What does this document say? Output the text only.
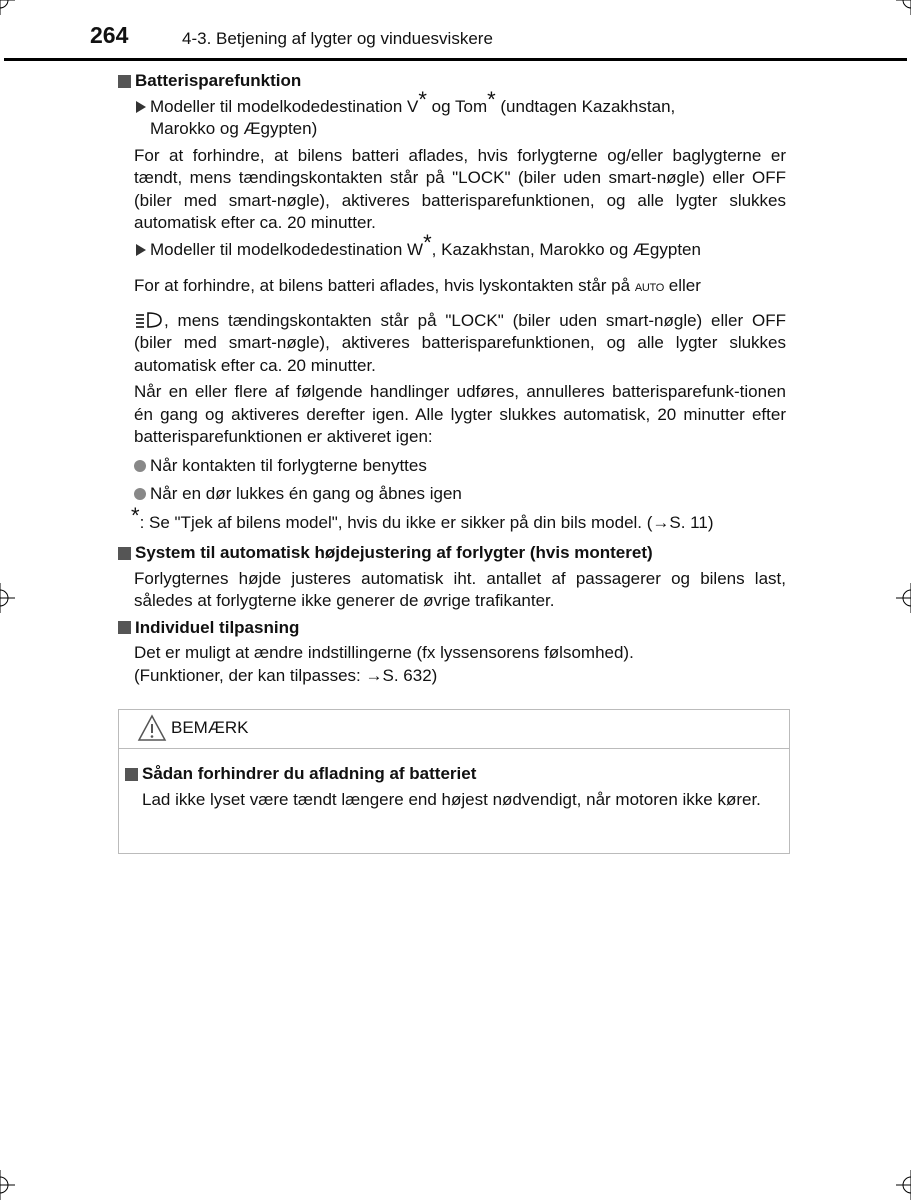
264	4-3. Betjening af lygter og vinduesviskere
Batterisparefunktion
Modeller til modelkodedestination V* og Tom* (undtagen Kazakhstan,
Marokko og Ægypten)
For at forhindre, at bilens batteri aflades, hvis forlygterne og/eller baglygterne er tændt, mens tændingskontakten står på "LOCK" (biler uden smart-nøgle) eller OFF (biler med smart-nøgle), aktiveres batterisparefunktionen, og alle lygter slukkes automatisk efter ca. 20 minutter.
Modeller til modelkodedestination W*, Kazakhstan, Marokko og Ægypten
For at forhindre, at bilens batteri aflades, hvis lyskontakten står på AUTO eller
, mens tændingskontakten står på "LOCK" (biler uden smart-nøgle) eller OFF (biler med smart-nøgle), aktiveres batterisparefunktionen, og alle lygter slukkes automatisk efter ca. 20 minutter.
Når en eller flere af følgende handlinger udføres, annulleres batterisparefunk-tionen én gang og aktiveres derefter igen. Alle lygter slukkes automatisk, 20 minutter efter batterisparefunktionen er aktiveret igen:
Når kontakten til forlygterne benyttes
Når en dør lukkes én gang og åbnes igen
*: Se "Tjek af bilens model", hvis du ikke er sikker på din bils model. (→S. 11)
System til automatisk højdejustering af forlygter (hvis monteret)
Forlygternes højde justeres automatisk iht. antallet af passagerer og bilens last, således at forlygterne ikke generer de øvrige trafikanter.
Individuel tilpasning
Det er muligt at ændre indstillingerne (fx lyssensorens følsomhed).
(Funktioner, der kan tilpasses: →S. 632)
BEMÆRK
Sådan forhindrer du afladning af batteriet
Lad ikke lyset være tændt længere end højest nødvendigt, når motoren ikke kører.
